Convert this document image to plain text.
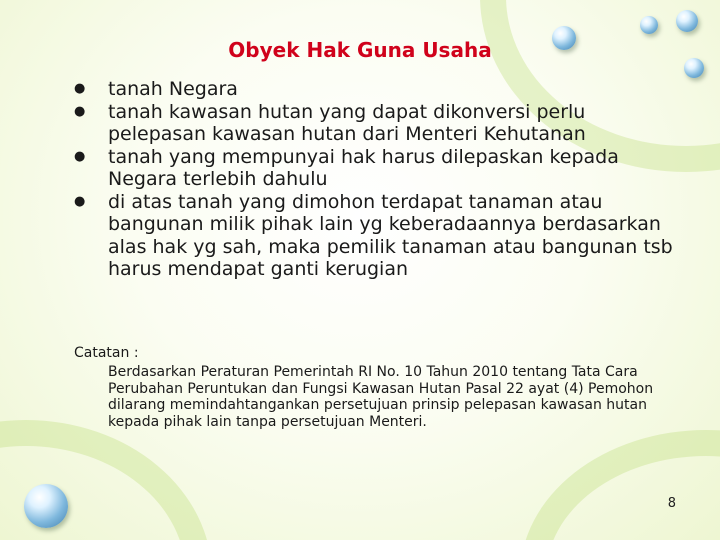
Obyek Hak Guna Usaha
● tanah Negara
● tanah kawasan hutan yang dapat dikonversi perlu pelepasan kawasan hutan dari Menteri Kehutanan
● tanah yang mempunyai hak harus dilepaskan kepada Negara terlebih dahulu
● di atas tanah yang dimohon terdapat tanaman atau bangunan milik pihak lain yg keberadaannya berdasarkan alas hak yg sah, maka pemilik tanaman atau bangunan tsb harus mendapat ganti kerugian
Catatan :
Berdasarkan Peraturan Pemerintah RI No. 10 Tahun 2010 tentang Tata Cara Perubahan Peruntukan dan Fungsi Kawasan Hutan Pasal 22 ayat (4) Pemohon dilarang memindahtangankan persetujuan prinsip pelepasan kawasan hutan kepada pihak lain tanpa persetujuan Menteri.
8
